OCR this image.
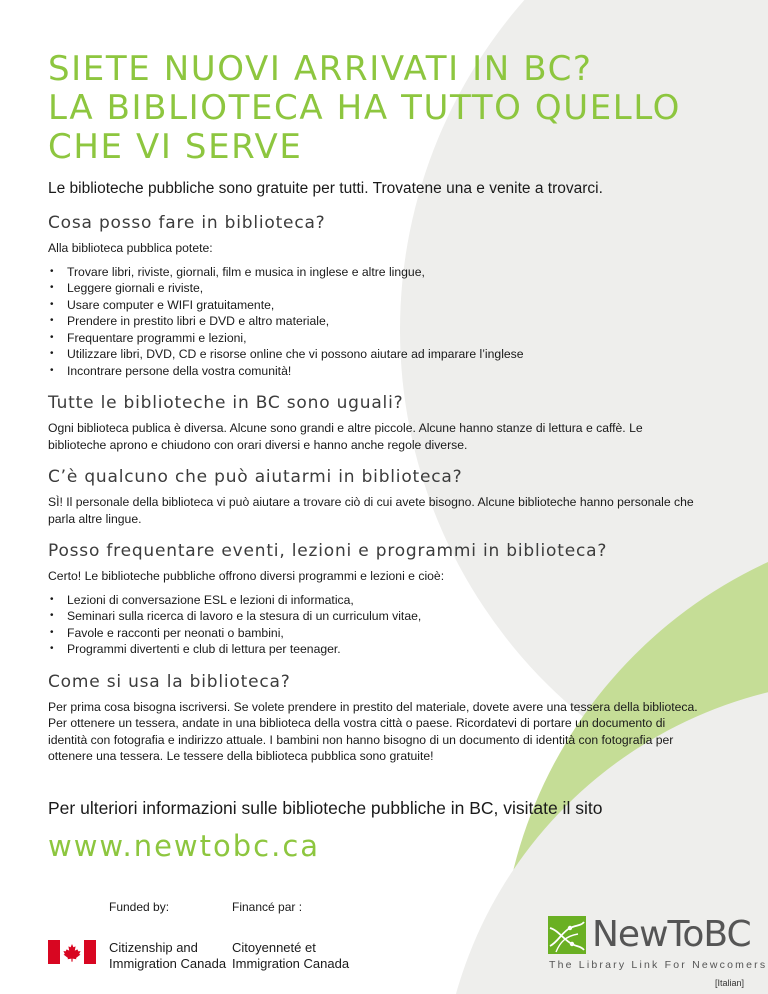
SIETE NUOVI ARRIVATI IN BC?
LA BIBLIOTECA HA TUTTO QUELLO
CHE VI SERVE

Le biblioteche pubbliche sono gratuite per tutti. Trovatene una e venite a trovarci.

Cosa posso fare in biblioteca?

Alla biblioteca pubblica potete:

• Trovare libri, riviste, giornali, film e musica in inglese e altre lingue,
• Leggere giornali e riviste,
• Usare computer e WIFI gratuitamente,
• Prendere in prestito libri e DVD e altro materiale,
• Frequentare programmi e lezioni,
• Utilizzare libri, DVD, CD e risorse online che vi possono aiutare ad imparare l’inglese
• Incontrare persone della vostra comunità!
Tutte le biblioteche in BC sono uguali?

Ogni biblioteca publica è diversa. Alcune sono grandi e altre piccole. Alcune hanno stanze di lettura e caffè. Le biblioteche aprono e chiudono con orari diversi e hanno anche regole diverse.

C’è qualcuno che può aiutarmi in biblioteca?

SÌ! Il personale della biblioteca vi può aiutare a trovare ciò di cui avete bisogno. Alcune biblioteche hanno personale che parla altre lingue.

Posso frequentare eventi, lezioni e programmi in biblioteca?

Certo! Le biblioteche pubbliche offrono diversi programmi e lezioni e cioè:

• Lezioni di conversazione ESL e lezioni di informatica,
• Seminari sulla ricerca di lavoro e la stesura di un curriculum vitae,
• Favole e racconti per neonati o bambini,
• Programmi divertenti e club di lettura per teenager.
Come si usa la biblioteca?

Per prima cosa bisogna iscriversi. Se volete prendere in prestito del materiale, dovete avere una tessera della biblioteca. Per ottenere un tessera, andate in una biblioteca della vostra città o paese. Ricordatevi di portare un documento di identità con fotografia e indirizzo attuale. I bambini non hanno bisogno di un documento di identità con fotografia per ottenere una tessera. Le tessere della biblioteca pubblica sono gratuite!

Per ulteriori informazioni sulle biblioteche pubbliche in BC, visitate il sito
www.newtobc.ca
Funded by:	Financé par :
Citizenship and
Immigration Canada
Citoyenneté et
Immigration Canada
NewToBC
The Library Link For Newcomers
[Italian]
